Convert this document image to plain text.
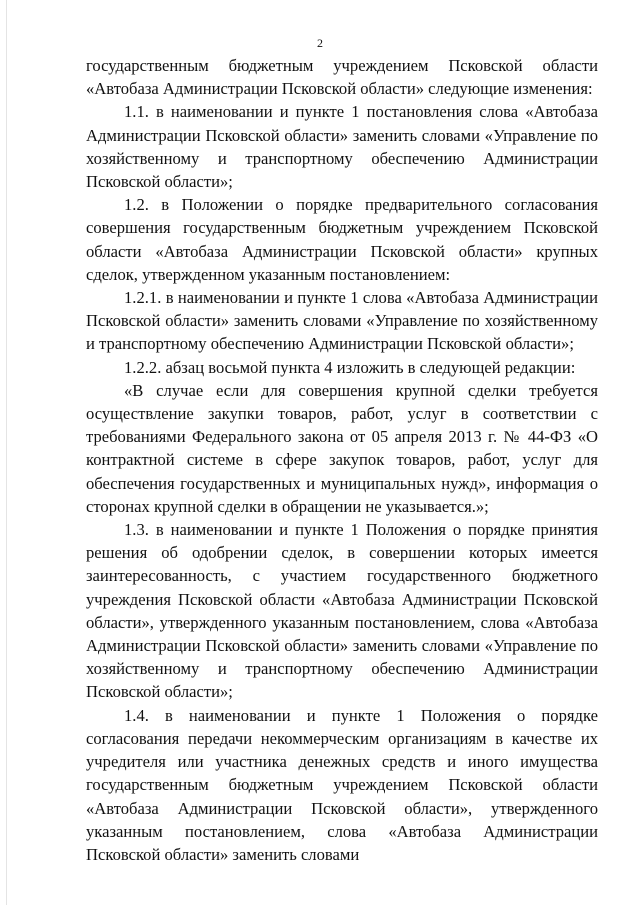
2

государственным бюджетным учреждением Псковской области «Автобаза Администрации Псковской области» следующие изменения:

1.1. в наименовании и пункте 1 постановления слова «Автобаза Администрации Псковской области» заменить словами «Управление по хозяйственному и транспортному обеспечению Администрации Псковской области»;

1.2. в Положении о порядке предварительного согласования совершения государственным бюджетным учреждением Псковской области «Автобаза Администрации Псковской области» крупных сделок, утвержденном указанным постановлением:

1.2.1. в наименовании и пункте 1 слова «Автобаза Администрации Псковской области» заменить словами «Управление по хозяйственному и транспортному обеспечению Администрации Псковской области»;

1.2.2. абзац восьмой пункта 4 изложить в следующей редакции:

«В случае если для совершения крупной сделки требуется осуществление закупки товаров, работ, услуг в соответствии с требованиями Федерального закона от 05 апреля 2013 г. № 44-ФЗ «О контрактной системе в сфере закупок товаров, работ, услуг для обеспечения государственных и муниципальных нужд», информация о сторонах крупной сделки в обращении не указывается.»;

1.3. в наименовании и пункте 1 Положения о порядке принятия решения об одобрении сделок, в совершении которых имеется заинтересованность, с участием государственного бюджетного учреждения Псковской области «Автобаза Администрации Псковской области», утвержденного указанным постановлением, слова «Автобаза Администрации Псковской области» заменить словами «Управление по хозяйственному и транспортному обеспечению Администрации Псковской области»;

1.4. в наименовании и пункте 1 Положения о порядке согласования передачи некоммерческим организациям в качестве их учредителя или участника денежных средств и иного имущества государственным бюджетным учреждением Псковской области «Автобаза Администрации Псковской области», утвержденного указанным постановлением, слова «Автобаза Администрации Псковской области» заменить словами
